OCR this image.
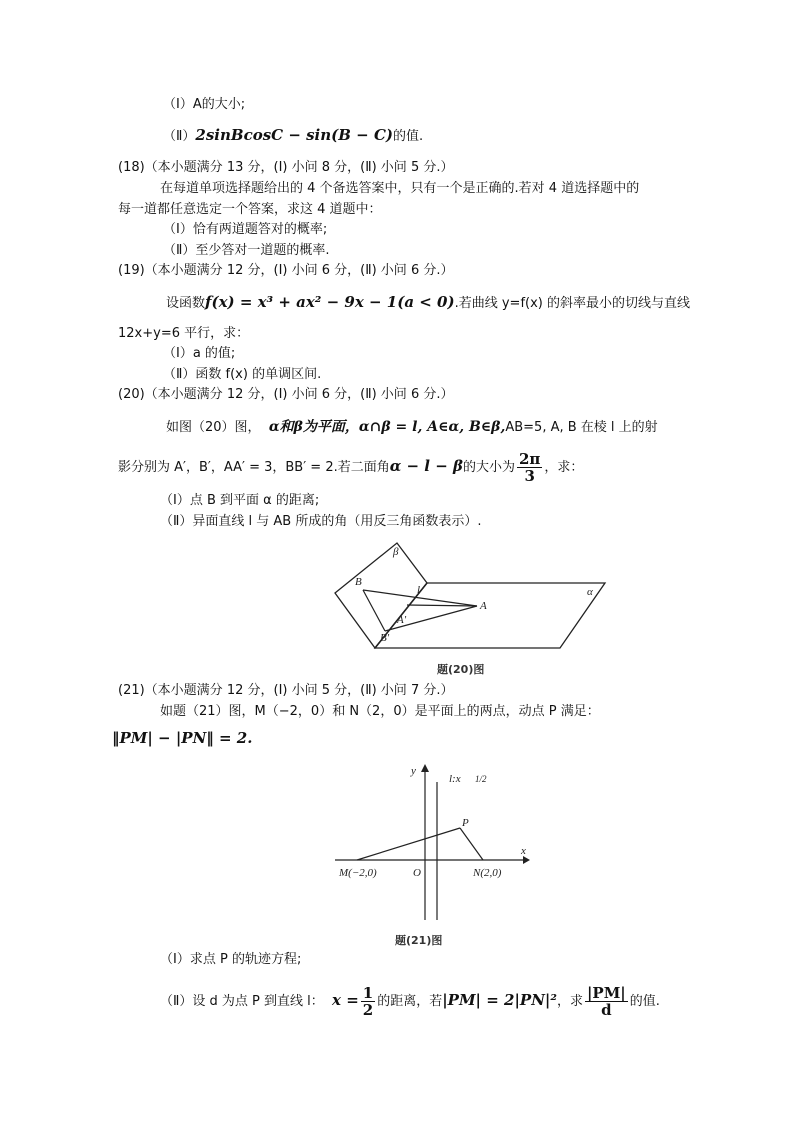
（Ⅰ）A的大小;
（Ⅱ）2sinBcosC − sin(B − C)的值.
(18)（本小题满分 13 分，(Ⅰ) 小问 8 分，(Ⅱ) 小问 5 分.）
在每道单项选择题给出的 4 个备选答案中，只有一个是正确的.若对 4 道选择题中的
每一道都任意选定一个答案，求这 4 道题中：
（Ⅰ）恰有两道题答对的概率;
（Ⅱ）至少答对一道题的概率.
(19)（本小题满分 12 分，(Ⅰ) 小问 6 分，(Ⅱ) 小问 6 分.）
设函数f(x) = x³ + ax² − 9x − 1(a < 0).若曲线 y=f(x) 的斜率最小的切线与直线
12x+y=6 平行，求：
（Ⅰ）a 的值;
（Ⅱ）函数 f(x) 的单调区间.
(20)（本小题满分 12 分，(Ⅰ) 小问 6 分，(Ⅱ) 小问 6 分.）
如图（20）图， α和β为平面，α∩β = l, A∈α, B∈β,AB=5, A, B 在棱 l 上的射
影分别为 A′，B′，AA′ = 3，BB′ = 2.若二面角α − l − β的大小为 $\frac{2\pi}{3}$ ，求：
（Ⅰ）点 B 到平面 α 的距离;
（Ⅱ）异面直线 l 与 AB 所成的角（用反三角函数表示）.
B
A
l
A′
B′
β
α
题(20)图
(21)（本小题满分 12 分，(Ⅰ) 小问 5 分，(Ⅱ) 小问 7 分.）
如题（21）图，M（−2，0）和 N（2，0）是平面上的两点，动点 P 满足：
‖PM| − |PN‖ = 2.
y
x
l:x 1/2
P
M(−2,0)	O	N(2,0)
题(21)图
（Ⅰ）求点 P 的轨迹方程;
（Ⅱ）设 d 为点 P 到直线 l： $x = \frac{1}{2}$ 的距离，若|PM| = 2|PN|²，求 $\frac{|PM|}{d}$ 的值.
